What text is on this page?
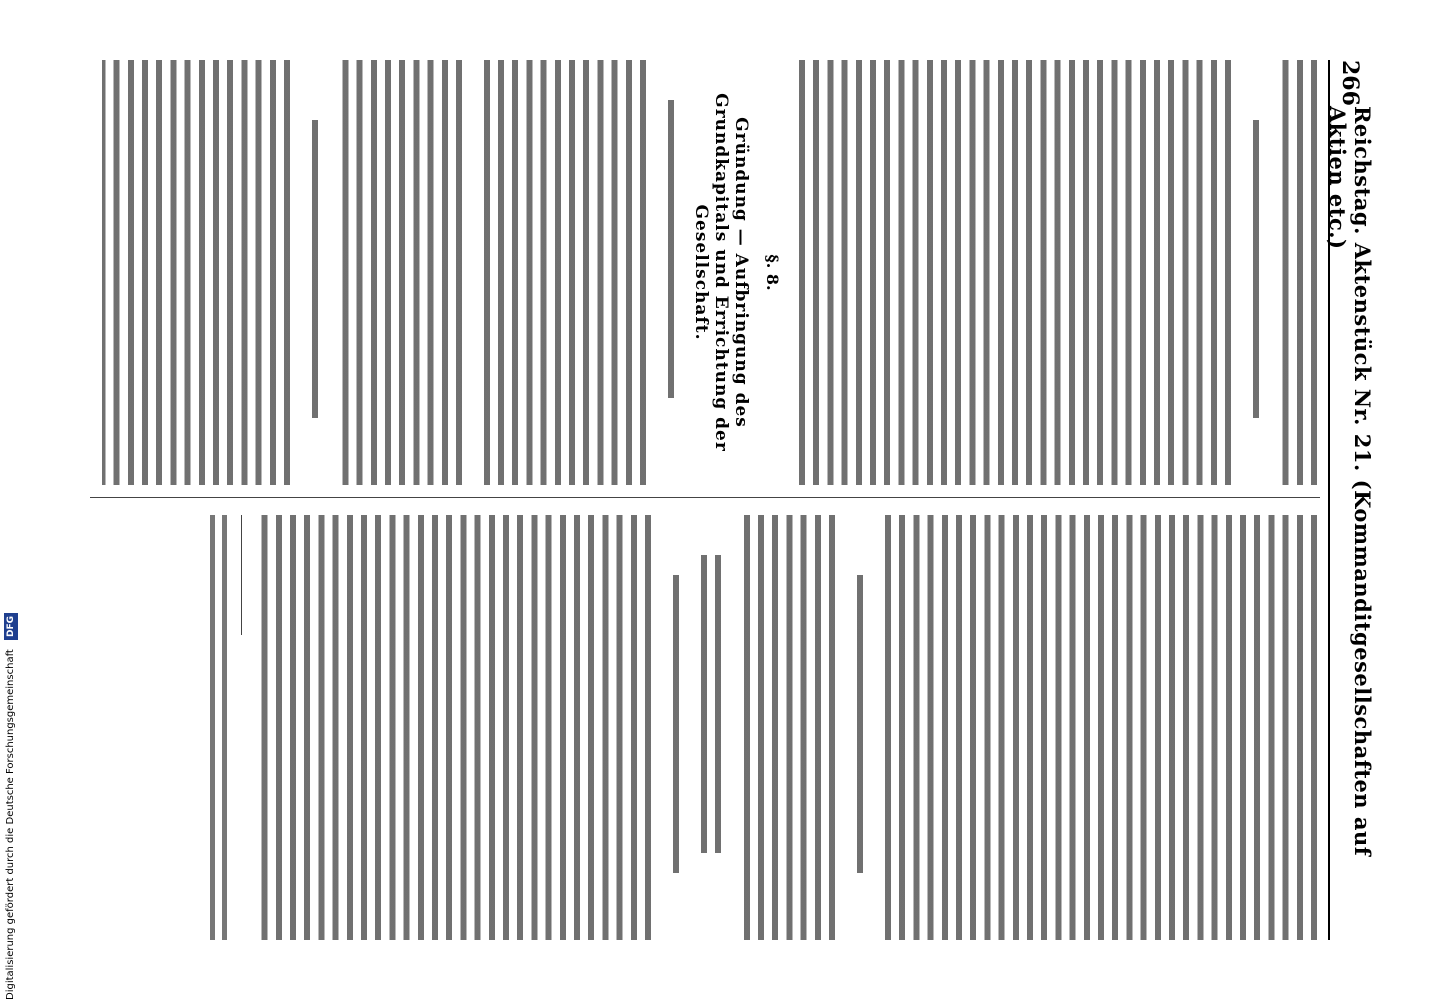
266
Reichstag. Aktenstück Nr. 21. (Kommanditgesellschaften auf Aktien etc.)
§. 8.
Gründung — Aufbringung des Grundkapitals und Errichtung der Gesellschaft.
Digitalisierung gefördert durch die Deutsche Forschungsgemeinschaft DFG
